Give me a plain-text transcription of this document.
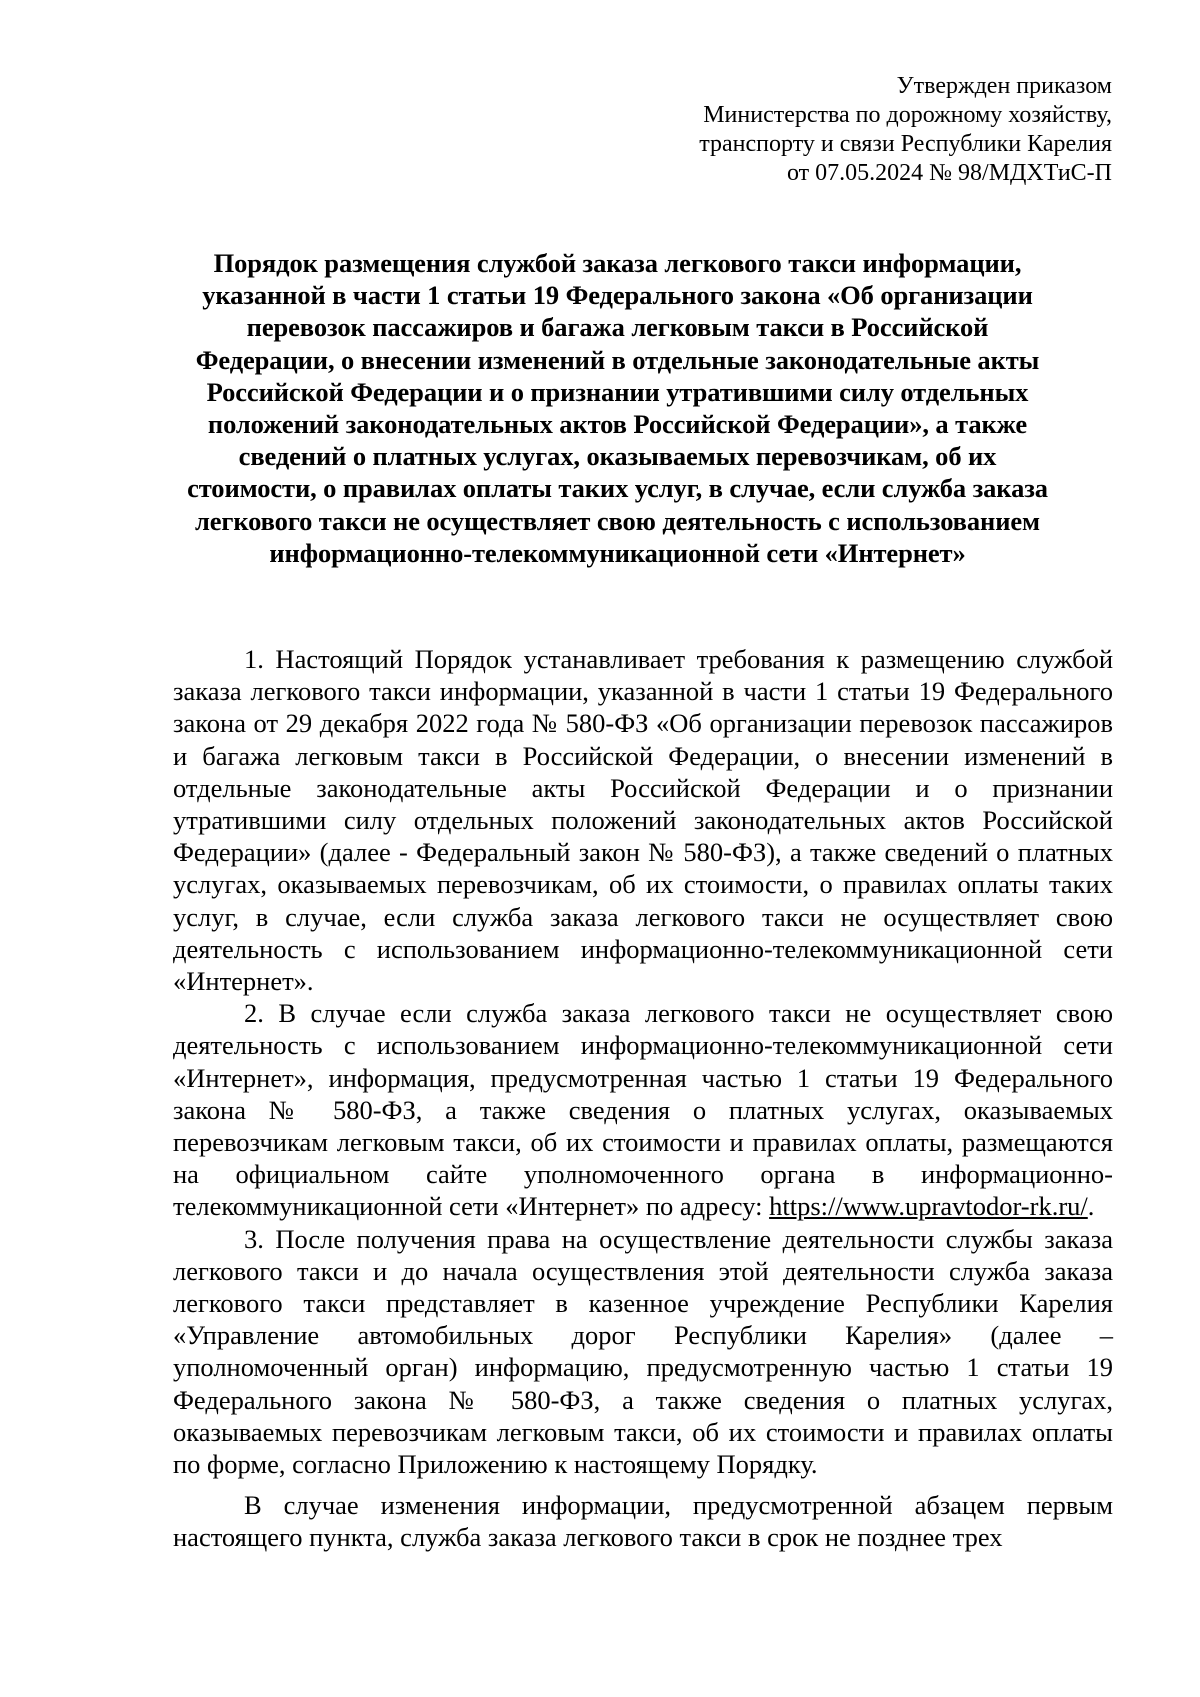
Утвержден приказом
Министерства по дорожному хозяйству,
транспорту и связи Республики Карелия
от 07.05.2024 № 98/МДХТиС-П
Порядок размещения службой заказа легкового такси информации,
указанной в части 1 статьи 19 Федерального закона «Об организации
перевозок пассажиров и багажа легковым такси в Российской
Федерации, о внесении изменений в отдельные законодательные акты
Российской Федерации и о признании утратившими силу отдельных
положений законодательных актов Российской Федерации», а также
сведений о платных услугах, оказываемых перевозчикам, об их
стоимости, о правилах оплаты таких услуг, в случае, если служба заказа
легкового такси не осуществляет свою деятельность с использованием
информационно-телекоммуникационной сети «Интернет»

1. Настоящий Порядок устанавливает требования к размещению службой заказа легкового такси информации, указанной в части 1 статьи 19 Федерального закона от 29 декабря 2022 года № 580-ФЗ «Об организации перевозок пассажиров и багажа легковым такси в Российской Федерации, о внесении изменений в отдельные законодательные акты Российской Федерации и о признании утратившими силу отдельных положений законодательных актов Российской Федерации» (далее - Федеральный закон № 580-ФЗ), а также сведений о платных услугах, оказываемых перевозчикам, об их стоимости, о правилах оплаты таких услуг, в случае, если служба заказа легкового такси не осуществляет свою деятельность с использованием информационно-телекоммуникационной сети «Интернет».

2. В случае если служба заказа легкового такси не осуществляет свою деятельность с использованием информационно-телекоммуникационной сети «Интернет», информация, предусмотренная частью 1 статьи 19 Федерального закона № 580-ФЗ, а также сведения о платных услугах, оказываемых перевозчикам легковым такси, об их стоимости и правилах оплаты, размещаются на официальном сайте уполномоченного органа в информационно-телекоммуникационной сети «Интернет» по адресу: https://www.upravtodor-rk.ru/.

3. После получения права на осуществление деятельности службы заказа легкового такси и до начала осуществления этой деятельности служба заказа легкового такси представляет в казенное учреждение Республики Карелия «Управление автомобильных дорог Республики Карелия» (далее – уполномоченный орган) информацию, предусмотренную частью 1 статьи 19 Федерального закона № 580-ФЗ, а также сведения о платных услугах, оказываемых перевозчикам легковым такси, об их стоимости и правилах оплаты по форме, согласно Приложению к настоящему Порядку.

В случае изменения информации, предусмотренной абзацем первым настоящего пункта, служба заказа легкового такси в срок не позднее трех
